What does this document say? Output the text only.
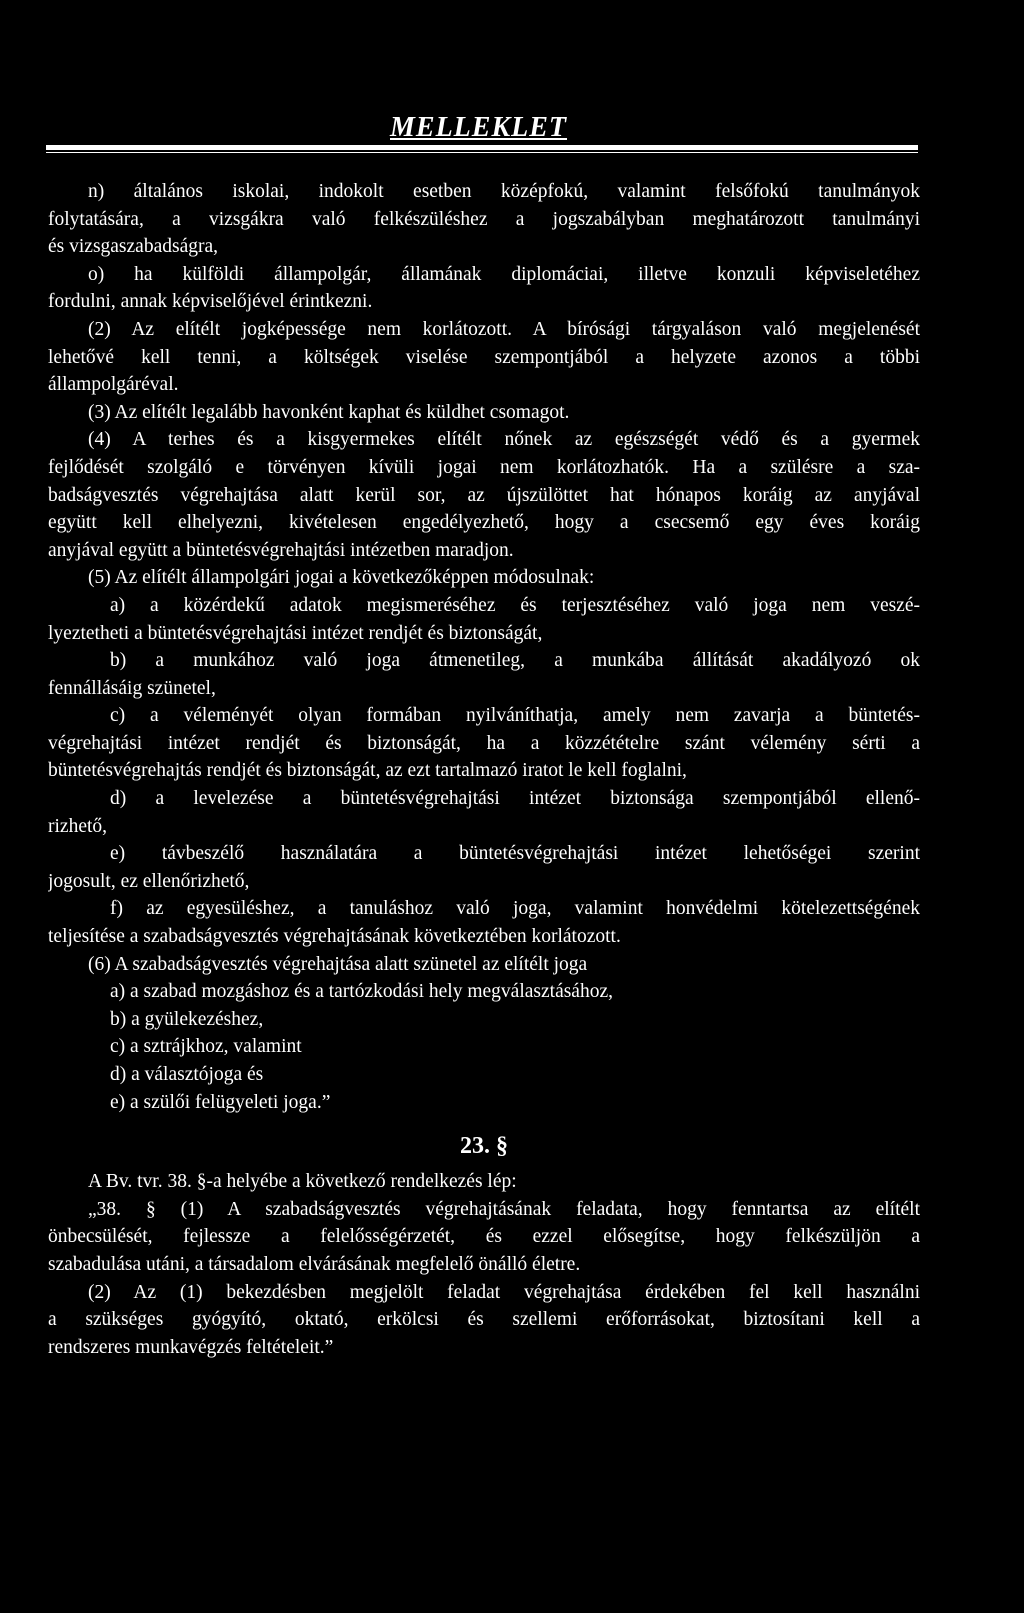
MELLEKLET
n) általános iskolai, indokolt esetben középfokú, valamint felsőfokú tanulmányok
folytatására, a vizsgákra való felkészüléshez a jogszabályban meghatározott tanulmányi
és vizsgaszabadságra,
o) ha külföldi állampolgár, államának diplomáciai, illetve konzuli képviseletéhez
fordulni, annak képviselőjével érintkezni.
(2) Az elítélt jogképessége nem korlátozott. A bírósági tárgyaláson való megjelenését
lehetővé kell tenni, a költségek viselése szempontjából a helyzete azonos a többi
állampolgáréval.
(3) Az elítélt legalább havonként kaphat és küldhet csomagot.
(4) A terhes és a kisgyermekes elítélt nőnek az egészségét védő és a gyermek
fejlődését szolgáló e törvényen kívüli jogai nem korlátozhatók. Ha a szülésre a sza-
badságvesztés végrehajtása alatt kerül sor, az újszülöttet hat hónapos koráig az anyjával
együtt kell elhelyezni, kivételesen engedélyezhető, hogy a csecsemő egy éves koráig
anyjával együtt a büntetésvégrehajtási intézetben maradjon.
(5) Az elítélt állampolgári jogai a következőképpen módosulnak:
a) a közérdekű adatok megismeréséhez és terjesztéséhez való joga nem veszé-
lyeztetheti a büntetésvégrehajtási intézet rendjét és biztonságát,
b) a munkához való joga átmenetileg, a munkába állítását akadályozó ok
fennállásáig szünetel,
c) a véleményét olyan formában nyilváníthatja, amely nem zavarja a büntetés-
végrehajtási intézet rendjét és biztonságát, ha a közzétételre szánt vélemény sérti a
büntetésvégrehajtás rendjét és biztonságát, az ezt tartalmazó iratot le kell foglalni,
d) a levelezése a büntetésvégrehajtási intézet biztonsága szempontjából ellenő-
rizhető,
e) távbeszélő használatára a büntetésvégrehajtási intézet lehetőségei szerint
jogosult, ez ellenőrizhető,
f) az egyesüléshez, a tanuláshoz való joga, valamint honvédelmi kötelezettségének
teljesítése a szabadságvesztés végrehajtásának következtében korlátozott.
(6) A szabadságvesztés végrehajtása alatt szünetel az elítélt joga
a) a szabad mozgáshoz és a tartózkodási hely megválasztásához,
b) a gyülekezéshez,
c) a sztrájkhoz, valamint
d) a választójoga és
e) a szülői felügyeleti joga.”
23. §
A Bv. tvr. 38. §-a helyébe a következő rendelkezés lép:
„38. § (1) A szabadságvesztés végrehajtásának feladata, hogy fenntartsa az elítélt
önbecsülését, fejlessze a felelősségérzetét, és ezzel elősegítse, hogy felkészüljön a
szabadulása utáni, a társadalom elvárásának megfelelő önálló életre.
(2) Az (1) bekezdésben megjelölt feladat végrehajtása érdekében fel kell használni
a szükséges gyógyító, oktató, erkölcsi és szellemi erőforrásokat, biztosítani kell a
rendszeres munkavégzés feltételeit.”
